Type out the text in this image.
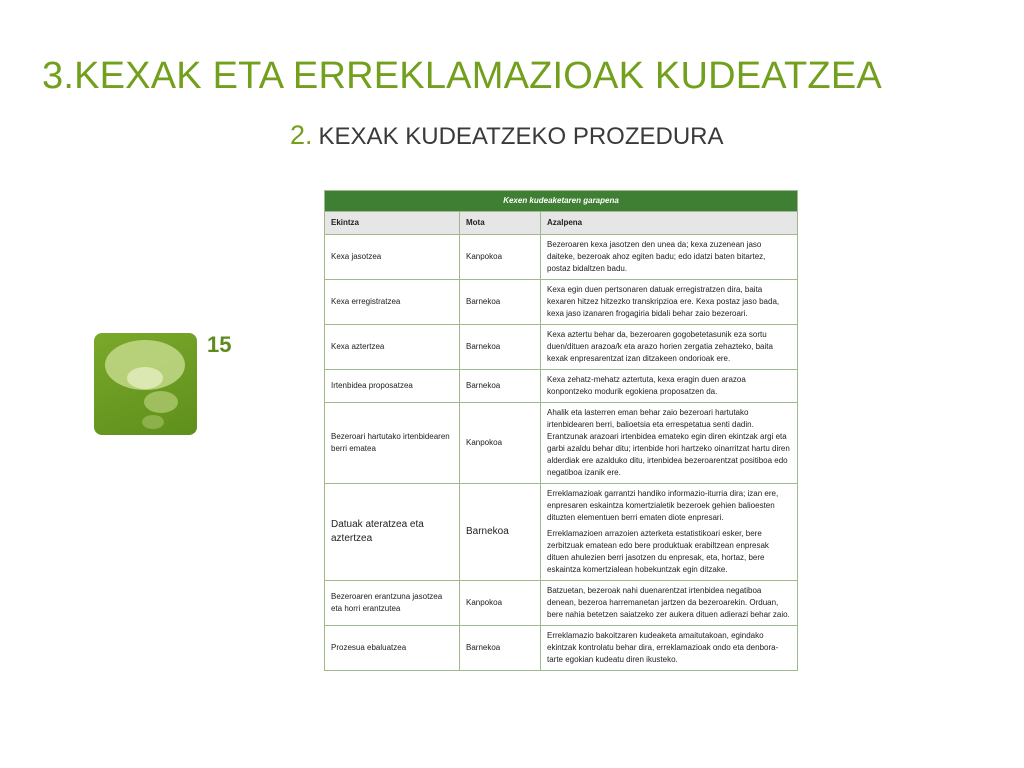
3.KEXAK ETA ERREKLAMAZIOAK KUDEATZEA
2. KEXAK KUDEATZEKO PROZEDURA
15
Kexen kudeaketaren garapena		
Ekintza	Mota	Azalpena
Kexa jasotzea	Kanpokoa	Bezeroaren kexa jasotzen den unea da; kexa zuzenean jaso daiteke, bezeroak ahoz egiten badu; edo idatzi baten bitartez, postaz bidaltzen badu.

Kexa erregistratzea	Barnekoa	Kexa egin duen pertsonaren datuak erregistratzen dira, baita kexaren hitzez hitzezko transkripzioa ere. Kexa postaz jaso bada, kexa jaso izanaren frogagiria bidali behar zaio bezeroari.

Kexa aztertzea	Barnekoa	Kexa aztertu behar da, bezeroaren gogobetetasunik eza sortu duen/dituen arazoa/k eta arazo horien zergatia zehazteko, baita kexak enpresarentzat izan ditzakeen ondorioak ere.

Irtenbidea proposatzea	Barnekoa	Kexa zehatz-mehatz aztertuta, kexa eragin duen arazoa konpontzeko modurik egokiena proposatzen da.

Bezeroari hartutako irtenbidearen berri ematea	Kanpokoa	Ahalik eta lasterren eman behar zaio bezeroari hartutako irtenbidearen berri, balioetsia eta errespetatua senti dadin. Erantzunak arazoari irtenbidea emateko egin diren ekintzak argi eta garbi azaldu behar ditu; irtenbide hori hartzeko oinarritzat hartu diren alderdiak ere azalduko ditu, irtenbidea bezeroarentzat positiboa edo negatiboa izanik ere.

Datuak ateratzea eta aztertzea	Barnekoa	Erreklamazioak garrantzi handiko informazio-iturria dira; izan ere, enpresaren eskaintza komertzialetik bezeroek gehien balioesten dituzten elementuen berri ematen diote enpresari.

Erreklamazioen arrazoien azterketa estatistikoari esker, bere zerbitzuak ematean edo bere produktuak erabiltzean enpresak dituen ahulezien berri jasotzen du enpresak, eta, hortaz, bere eskaintza komertzialean hobekuntzak egin ditzake.

Bezeroaren erantzuna jasotzea eta horri erantzutea	Kanpokoa	Batzuetan, bezeroak nahi duenarentzat irtenbidea negatiboa denean, bezeroa harremanetan jartzen da bezeroarekin. Orduan, bere nahia betetzen saiatzeko zer aukera dituen adierazi behar zaio.

Prozesua ebaluatzea	Barnekoa	Erreklamazio bakoitzaren kudeaketa amaitutakoan, egindako ekintzak kontrolatu behar dira, erreklamazioak ondo eta denbora-tarte egokian kudeatu diren ikusteko.
